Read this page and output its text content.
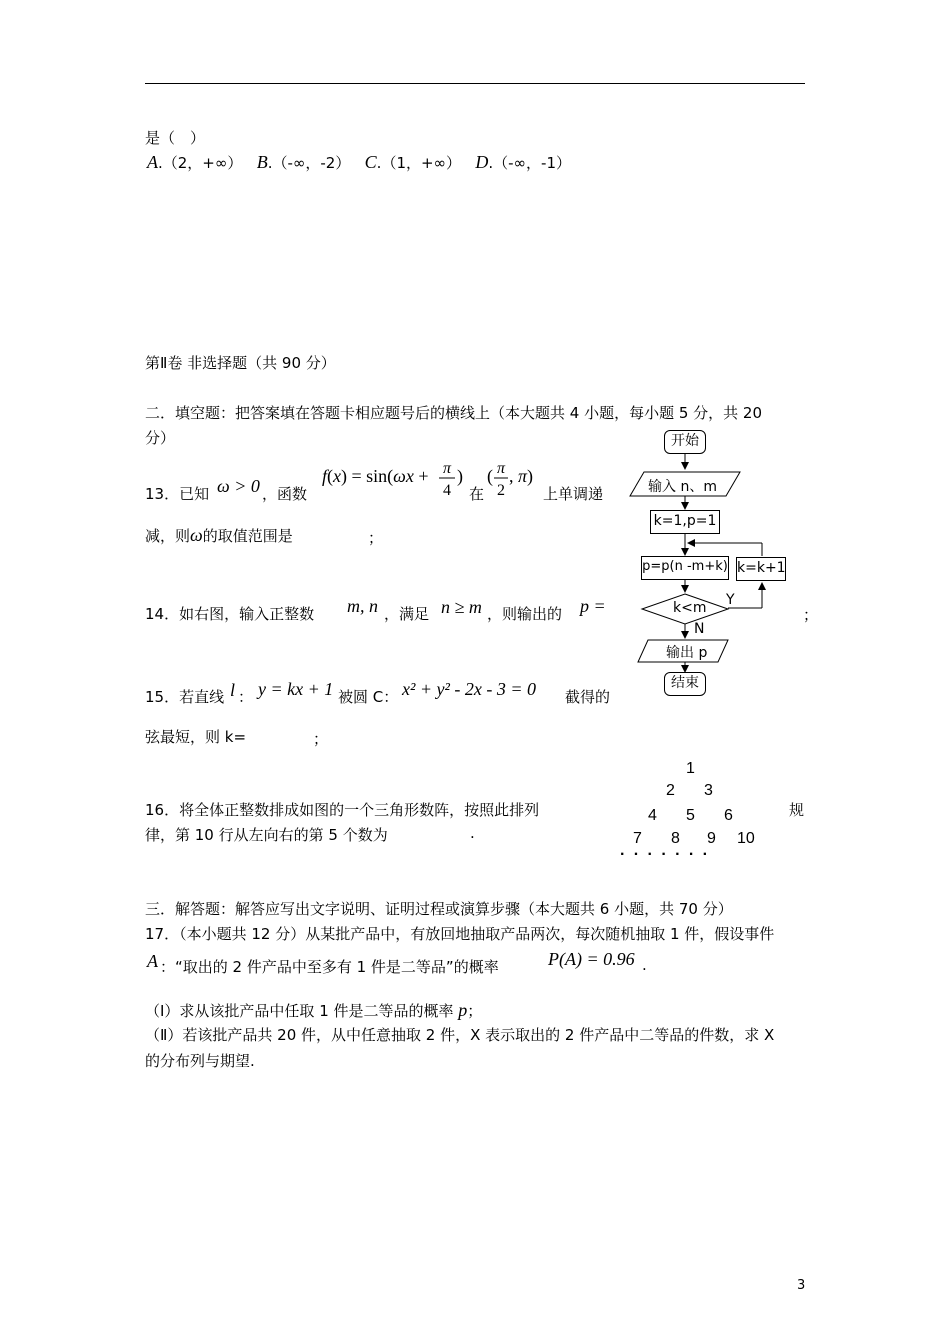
是（　）
A.（2，+∞） B.（-∞，-2） C.（1，+∞） D.（-∞，-1）
第Ⅱ卷 非选择题（共 90 分）
二．填空题：把答案填在答题卡相应题号后的横线上（本大题共 4 小题，每小题 5 分，共 20
分）
13．已知 ω > 0 ，函数
f(x) = sin(ωx + π
4
)
在
( π
2
, π)
上单调递
减，则ω的取值范围是	；
14．如右图，输入正整数 m, n ，满足 n ≥ m ，则输出的 p =	；
15．若直线 l ： y = kx + 1 被圆 C： x² + y² - 2x - 3 = 0 截得的
弦最短，则 k=	；
16．将全体正整数排成如图的一个三角形数阵，按照此排列	规
律，第 10 行从左向右的第 5 个数为	.
1
2 3
4 5 6
7 8 9 10
· · · · · · ·
开始
输入 n、m
k=1,p=1
p=p(n -m+k) k=k+1
k<m Y
N
输出 p
结束
三．解答题：解答应写出文字说明、证明过程或演算步骤（本大题共 6 小题，共 70 分）
17．（本小题共 12 分）从某批产品中，有放回地抽取产品两次，每次随机抽取 1 件，假设事件
A ：“取出的 2 件产品中至多有 1 件是二等品”的概率	P(A) = 0.96 .
（Ⅰ）求从该批产品中任取 1 件是二等品的概率 p；
（Ⅱ）若该批产品共 20 件，从中任意抽取 2 件，X 表示取出的 2 件产品中二等品的件数，求 X
的分布列与期望.
3
